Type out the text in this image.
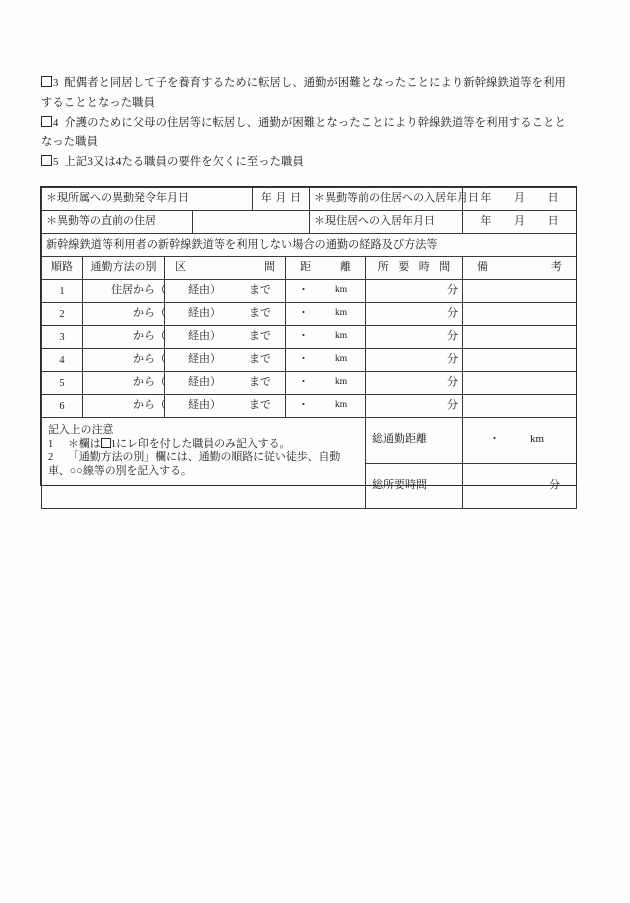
3 配偶者と同居して子を養育するために転居し、通勤が困難となったことにより新幹線鉄道等を利用することとなった職員

4 介護のために父母の住居等に転居し、通勤が困難となったことにより幹線鉄道等を利用することとなった職員

5 上記3又は4たる職員の要件を欠くに至った職員

＊現所属への異動発令年月日				年 月 日		＊異動等前の住居への入居年月日		年 月 日

＊異動等の直前の住居						＊現住居への入居年月日		年 月 日

新幹線鉄道等利用者の新幹線鉄道等を利用しない場合の通勤の経路及び方法等								
順路	通勤方法の別	区 間			距 離		所 要 時 間	備 考

1		住居 から（ 経由） まで			・ km		分	
2		から（ 経由） まで			・ km		分	
3		から（ 経由） まで			・ km		分	
4		から（ 経由） まで			・ km		分	
5		から（ 経由） まで			・ km		分	
6		から（ 経由） まで			・ km		分	

記入上の注意
1 ＊欄は 1にレ印を付した職員のみ記入する。
2 「通勤方法の別」欄には、通勤の順路に従い徒歩、自動車、○○線等の別を記入する。
	総通勤距離	・	km

							総所要時間	分
